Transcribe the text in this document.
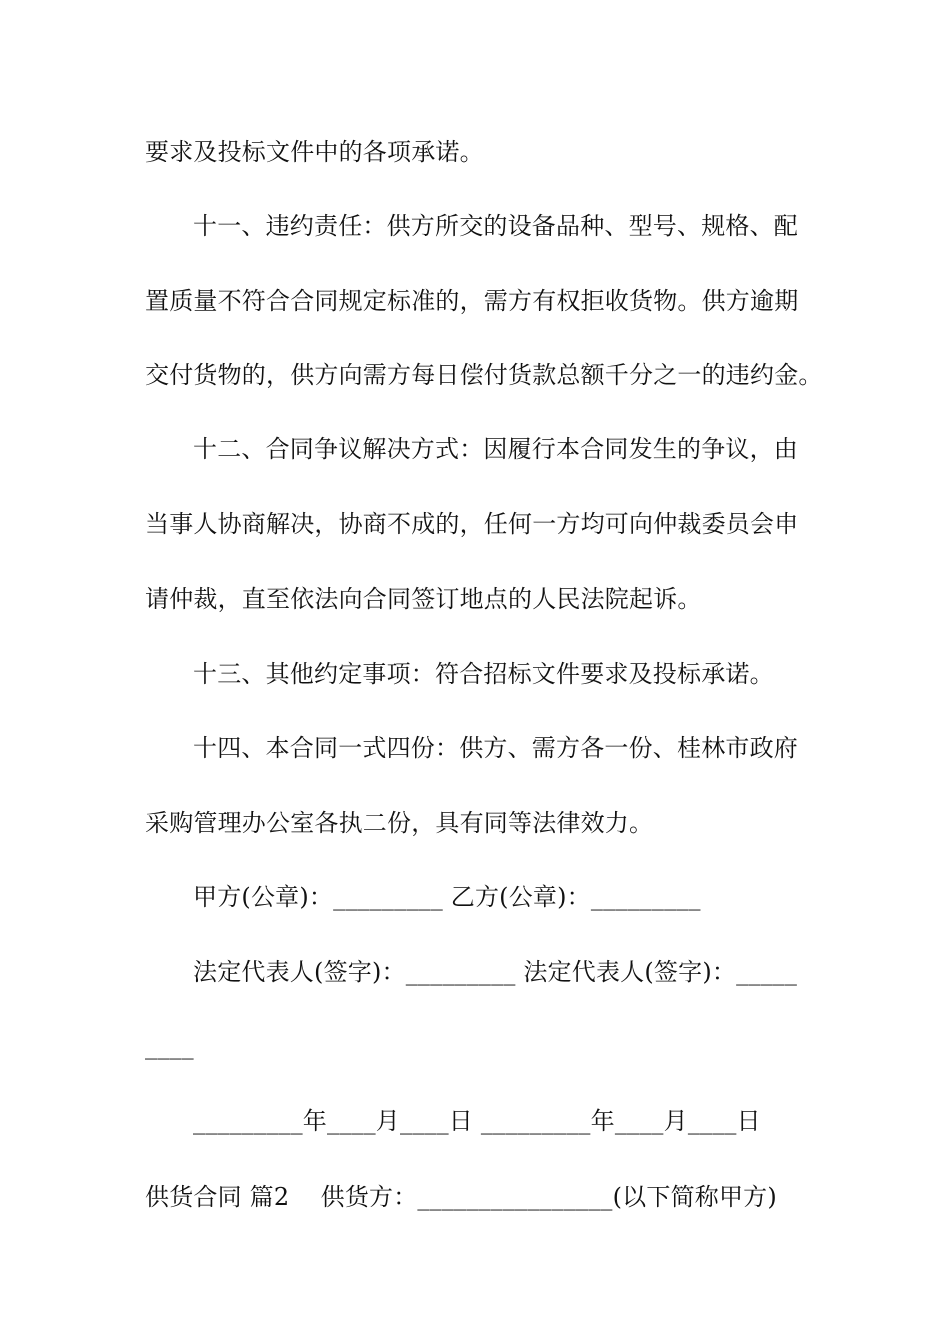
要求及投标文件中的各项承诺。
十一、违约责任：供方所交的设备品种、型号、规格、配
置质量不符合合同规定标准的，需方有权拒收货物。供方逾期
交付货物的，供方向需方每日偿付货款总额千分之一的违约金。
十二、合同争议解决方式：因履行本合同发生的争议，由
当事人协商解决，协商不成的，任何一方均可向仲裁委员会申
请仲裁，直至依法向合同签订地点的人民法院起诉。
十三、其他约定事项：符合招标文件要求及投标承诺。
十四、本合同一式四份：供方、需方各一份、桂林市政府
采购管理办公室各执二份，具有同等法律效力。
甲方(公章)：_________ 乙方(公章)：_________
法定代表人(签字)：_________ 法定代表人(签字)：_____
____
_________年____月____日 _________年____月____日
供货合同 篇2    供货方：________________(以下简称甲方)
